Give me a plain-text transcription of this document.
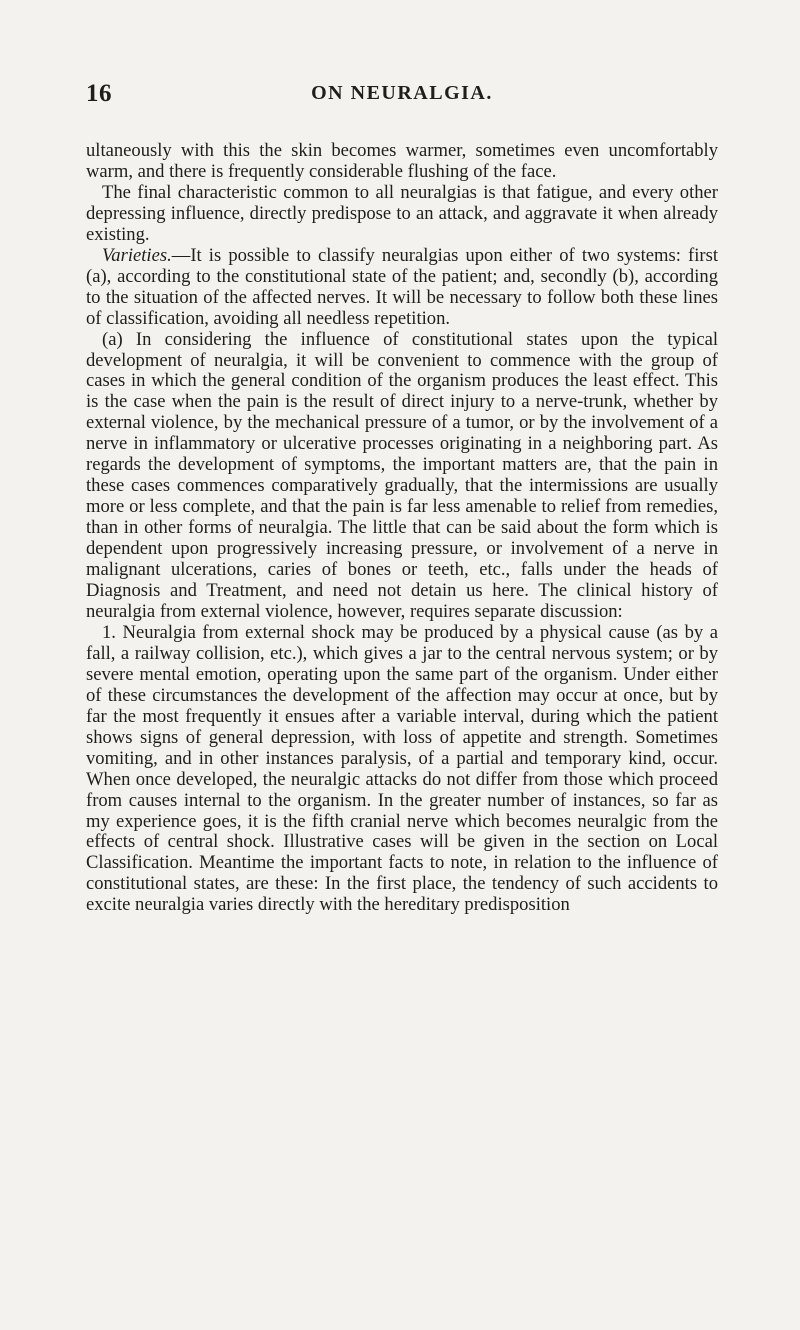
16	ON NEURALGIA.

ultaneously with this the skin becomes warmer, sometimes even uncomfortably warm, and there is frequently considerable flushing of the face.

The final characteristic common to all neuralgias is that fatigue, and every other depressing influence, directly predispose to an attack, and aggravate it when already existing.

Varieties.—It is possible to classify neuralgias upon either of two systems: first (a), according to the constitutional state of the patient; and, secondly (b), according to the situation of the affected nerves. It will be necessary to follow both these lines of classification, avoiding all needless repetition.

(a) In considering the influence of constitutional states upon the typical development of neuralgia, it will be convenient to commence with the group of cases in which the general condition of the organism produces the least effect. This is the case when the pain is the result of direct injury to a nerve-trunk, whether by external violence, by the mechanical pressure of a tumor, or by the involvement of a nerve in inflammatory or ulcerative processes originating in a neighboring part. As regards the development of symptoms, the important matters are, that the pain in these cases commences comparatively gradually, that the intermissions are usually more or less complete, and that the pain is far less amenable to relief from remedies, than in other forms of neuralgia. The little that can be said about the form which is dependent upon progressively increasing pressure, or involvement of a nerve in malignant ulcerations, caries of bones or teeth, etc., falls under the heads of Diagnosis and Treatment, and need not detain us here. The clinical history of neuralgia from external violence, however, requires separate discussion:

1. Neuralgia from external shock may be produced by a physical cause (as by a fall, a railway collision, etc.), which gives a jar to the central nervous system; or by severe mental emotion, operating upon the same part of the organism. Under either of these circumstances the development of the affection may occur at once, but by far the most frequently it ensues after a variable interval, during which the patient shows signs of general depression, with loss of appetite and strength. Sometimes vomiting, and in other instances paralysis, of a partial and temporary kind, occur. When once developed, the neuralgic attacks do not differ from those which proceed from causes internal to the organism. In the greater number of instances, so far as my experience goes, it is the fifth cranial nerve which becomes neuralgic from the effects of central shock. Illustrative cases will be given in the section on Local Classification. Meantime the important facts to note, in relation to the influence of constitutional states, are these: In the first place, the tendency of such accidents to excite neuralgia varies directly with the hereditary predisposition
